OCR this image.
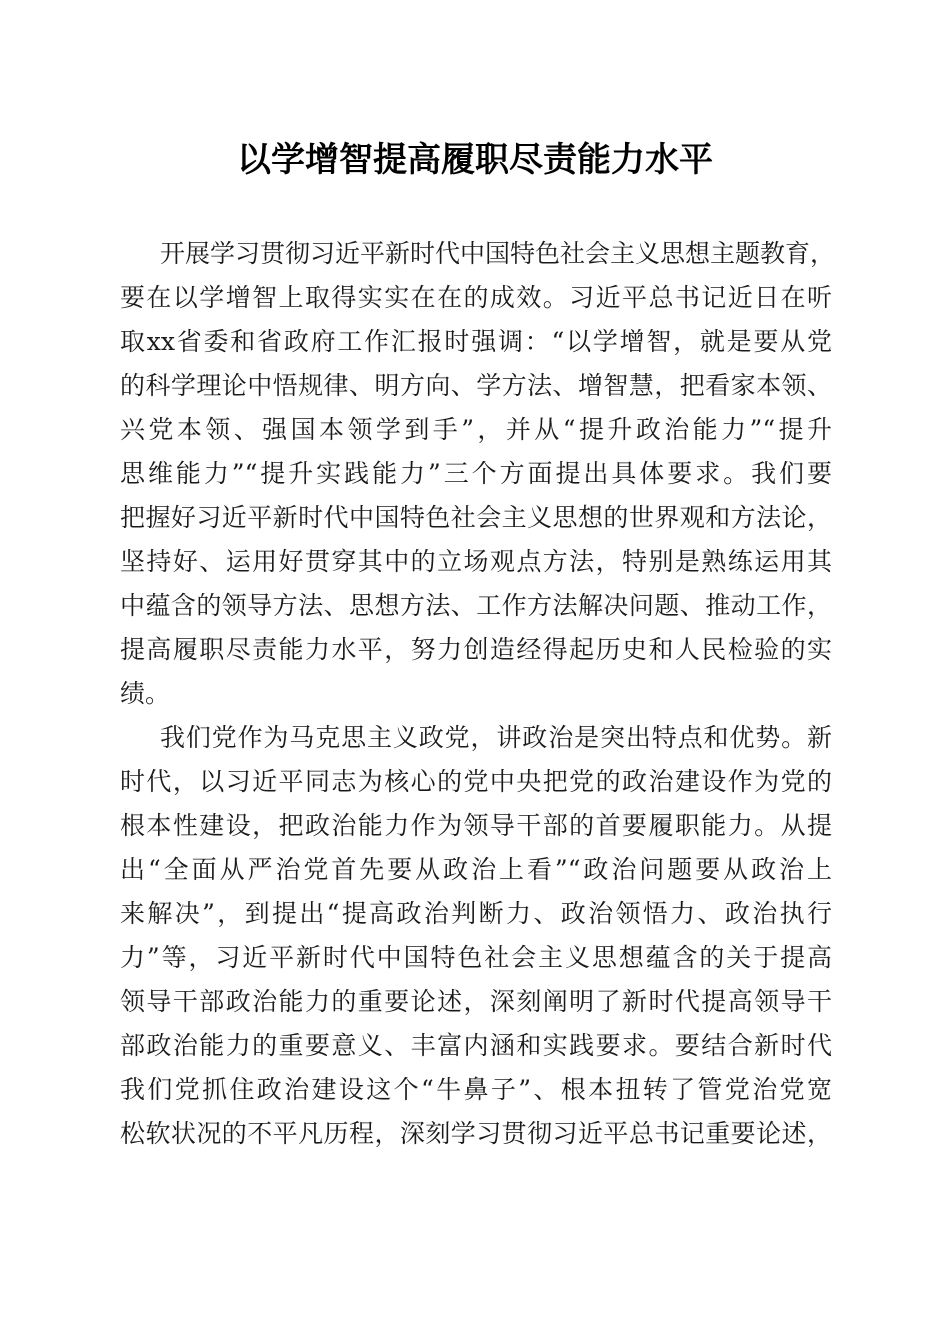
以学增智提高履职尽责能力水平
开展学习贯彻习近平新时代中国特色社会主义思想主题教育，
要在以学增智上取得实实在在的成效。习近平总书记近日在听
取xx省委和省政府工作汇报时强调：“以学增智，就是要从党
的科学理论中悟规律、明方向、学方法、增智慧，把看家本领、
兴党本领、强国本领学到手”，并从“提升政治能力”“提升
思维能力”“提升实践能力”三个方面提出具体要求。我们要
把握好习近平新时代中国特色社会主义思想的世界观和方法论，
坚持好、运用好贯穿其中的立场观点方法，特别是熟练运用其
中蕴含的领导方法、思想方法、工作方法解决问题、推动工作，
提高履职尽责能力水平，努力创造经得起历史和人民检验的实
绩。
我们党作为马克思主义政党，讲政治是突出特点和优势。新
时代，以习近平同志为核心的党中央把党的政治建设作为党的
根本性建设，把政治能力作为领导干部的首要履职能力。从提
出“全面从严治党首先要从政治上看”“政治问题要从政治上
来解决”，到提出“提高政治判断力、政治领悟力、政治执行
力”等，习近平新时代中国特色社会主义思想蕴含的关于提高
领导干部政治能力的重要论述，深刻阐明了新时代提高领导干
部政治能力的重要意义、丰富内涵和实践要求。要结合新时代
我们党抓住政治建设这个“牛鼻子”、根本扭转了管党治党宽
松软状况的不平凡历程，深刻学习贯彻习近平总书记重要论述，
